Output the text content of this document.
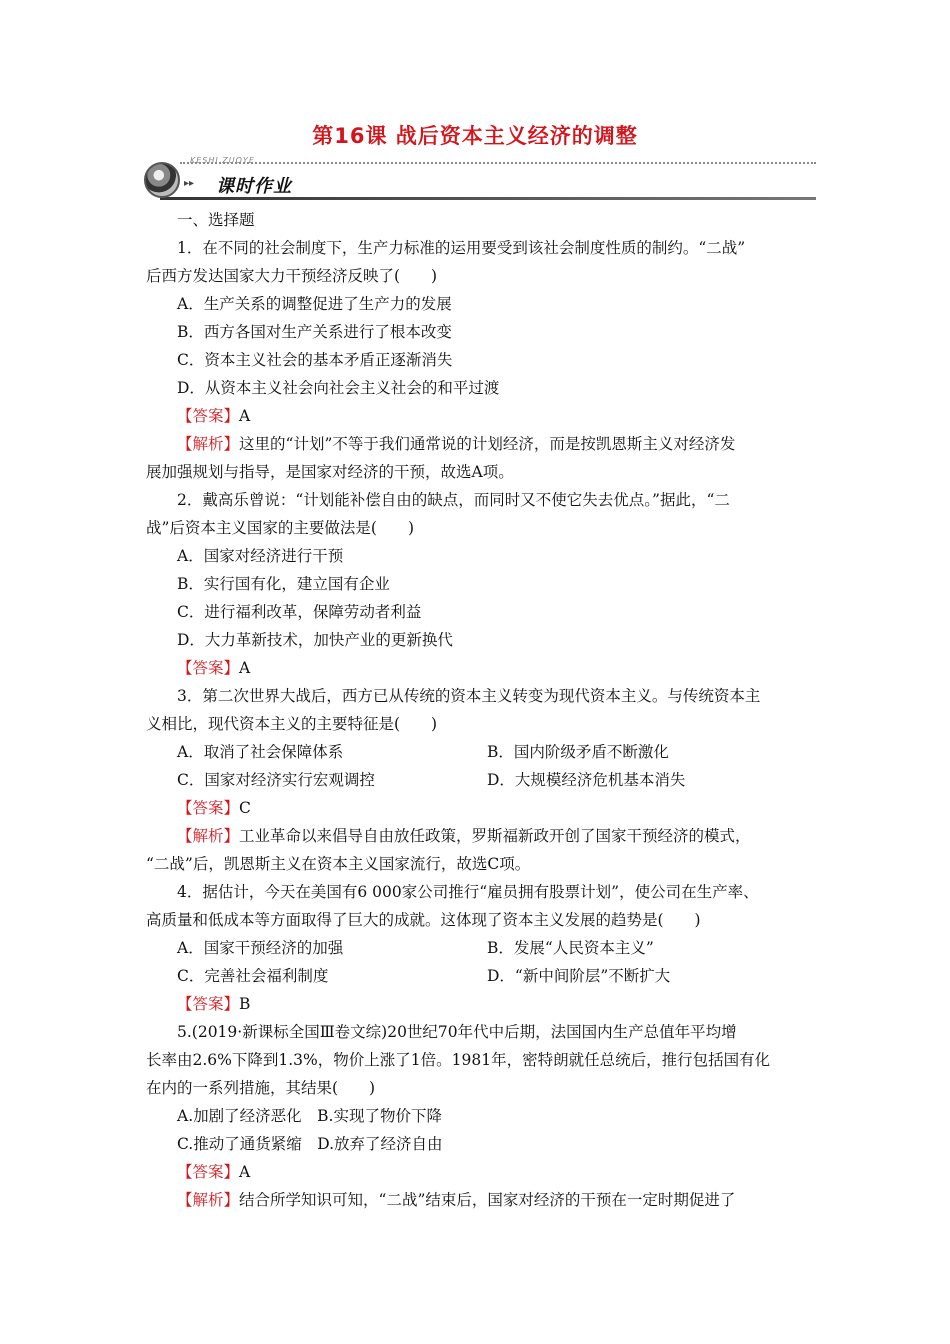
第16课 战后资本主义经济的调整
KESHI ZUOYE
▸▸ 课时作业

一、选择题

1．在不同的社会制度下，生产力标准的运用要受到该社会制度性质的制约。“二战”

后西方发达国家大力干预经济反映了(　　)

A．生产关系的调整促进了生产力的发展

B．西方各国对生产关系进行了根本改变

C．资本主义社会的基本矛盾正逐渐消失

D．从资本主义社会向社会主义社会的和平过渡

【答案】A

【解析】这里的“计划”不等于我们通常说的计划经济，而是按凯恩斯主义对经济发

展加强规划与指导，是国家对经济的干预，故选A项。

2．戴高乐曾说：“计划能补偿自由的缺点，而同时又不使它失去优点。”据此，“二

战”后资本主义国家的主要做法是(　　)

A．国家对经济进行干预

B．实行国有化，建立国有企业

C．进行福利改革，保障劳动者利益

D．大力革新技术，加快产业的更新换代

【答案】A

3．第二次世界大战后，西方已从传统的资本主义转变为现代资本主义。与传统资本主

义相比，现代资本主义的主要特征是(　　)

A．取消了社会保障体系	B．国内阶级矛盾不断激化
C．国家对经济实行宏观调控	D．大规模经济危机基本消失

【答案】C

【解析】工业革命以来倡导自由放任政策，罗斯福新政开创了国家干预经济的模式，

“二战”后，凯恩斯主义在资本主义国家流行，故选C项。

4．据估计，今天在美国有6 000家公司推行“雇员拥有股票计划”，使公司在生产率、

高质量和低成本等方面取得了巨大的成就。这体现了资本主义发展的趋势是(　　)

A．国家干预经济的加强	B．发展“人民资本主义”
C．完善社会福利制度	D．“新中间阶层”不断扩大

【答案】B

5.(2019·新课标全国Ⅲ卷文综)20世纪70年代中后期，法国国内生产总值年平均增

长率由2.6%下降到1.3%，物价上涨了1倍。1981年，密特朗就任总统后，推行包括国有化

在内的一系列措施，其结果(　　)

A.加剧了经济恶化　B.实现了物价下降

C.推动了通货紧缩　D.放弃了经济自由

【答案】A

【解析】结合所学知识可知，“二战”结束后，国家对经济的干预在一定时期促进了
